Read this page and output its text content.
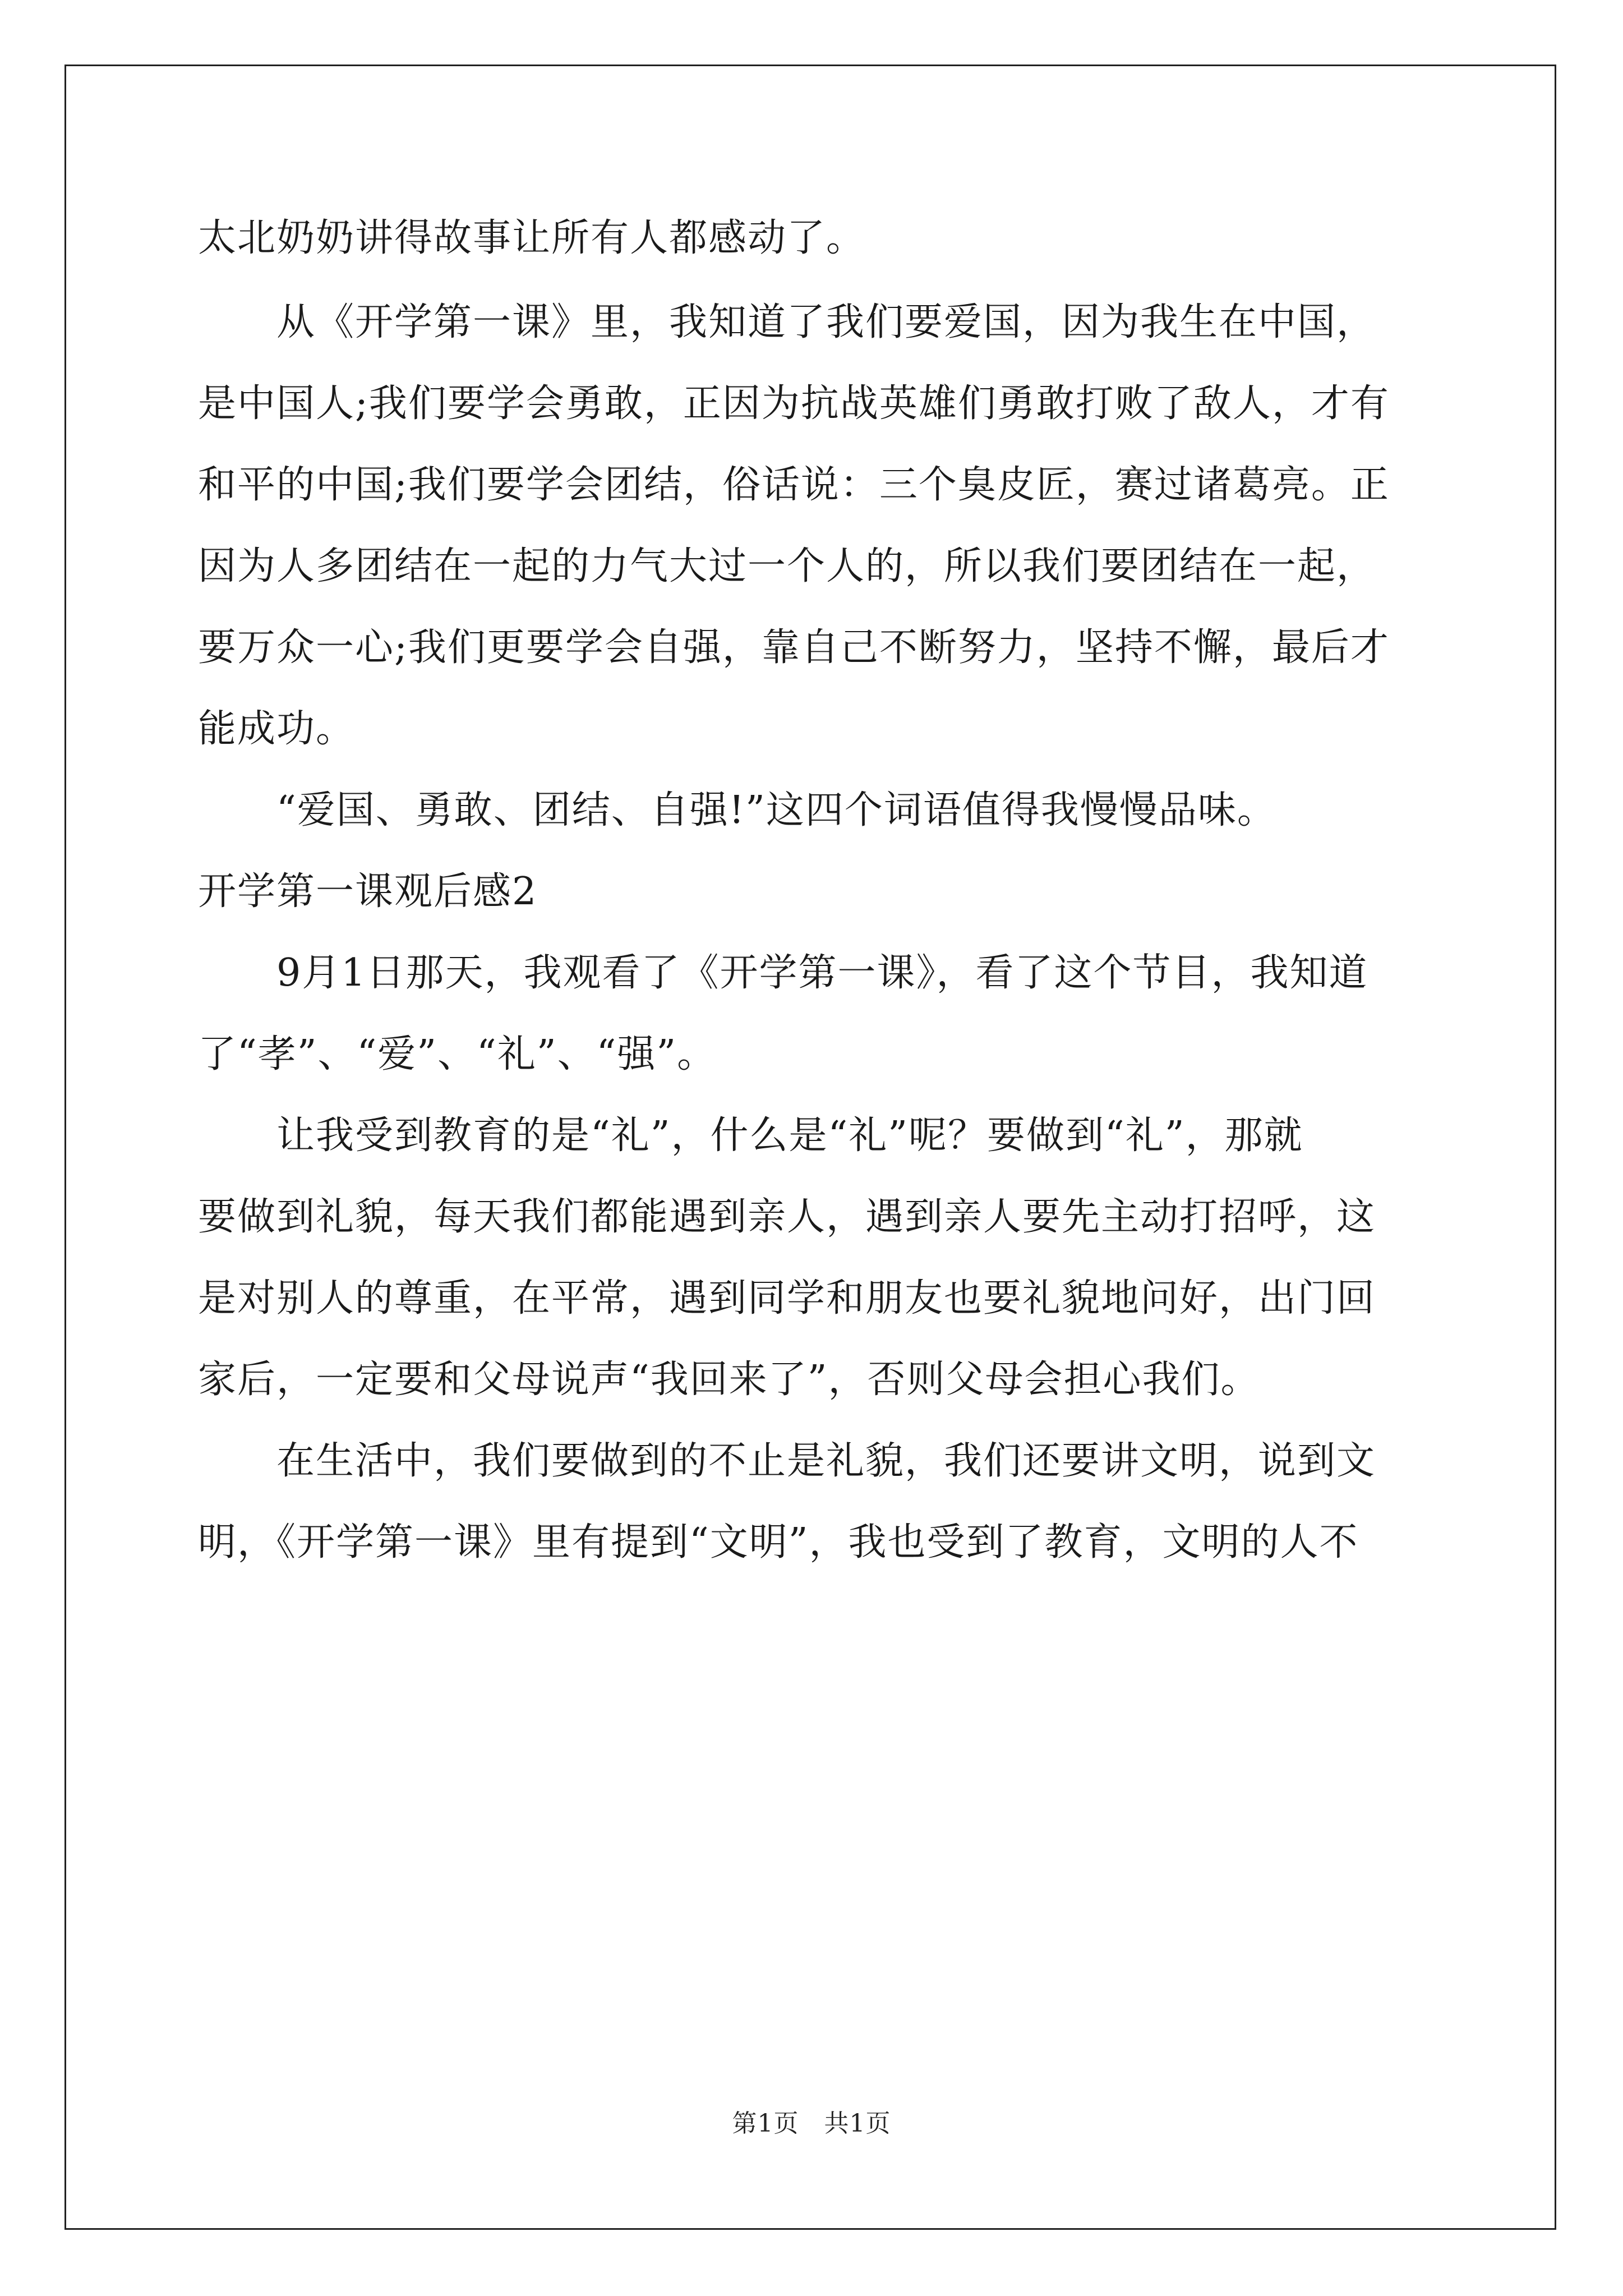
太北奶奶讲得故事让所有人都感动了。
从《开学第一课》里，我知道了我们要爱国，因为我生在中国，
是中国人;我们要学会勇敢，正因为抗战英雄们勇敢打败了敌人，才有
和平的中国;我们要学会团结，俗话说：三个臭皮匠，赛过诸葛亮。正
因为人多团结在一起的力气大过一个人的，所以我们要团结在一起，
要万众一心;我们更要学会自强，靠自己不断努力，坚持不懈，最后才
能成功。
“爱国、勇敢、团结、自强!”这四个词语值得我慢慢品味。
开学第一课观后感2
9月1日那天，我观看了《开学第一课》，看了这个节目，我知道
了“孝”、“爱”、“礼”、“强”。
让我受到教育的是“礼”，什么是“礼”呢？要做到“礼”，那就
要做到礼貌，每天我们都能遇到亲人，遇到亲人要先主动打招呼，这
是对别人的尊重，在平常，遇到同学和朋友也要礼貌地问好，出门回
家后，一定要和父母说声“我回来了”，否则父母会担心我们。
在生活中，我们要做到的不止是礼貌，我们还要讲文明，说到文
明，《开学第一课》里有提到“文明”，我也受到了教育，文明的人不
第1页　共1页
